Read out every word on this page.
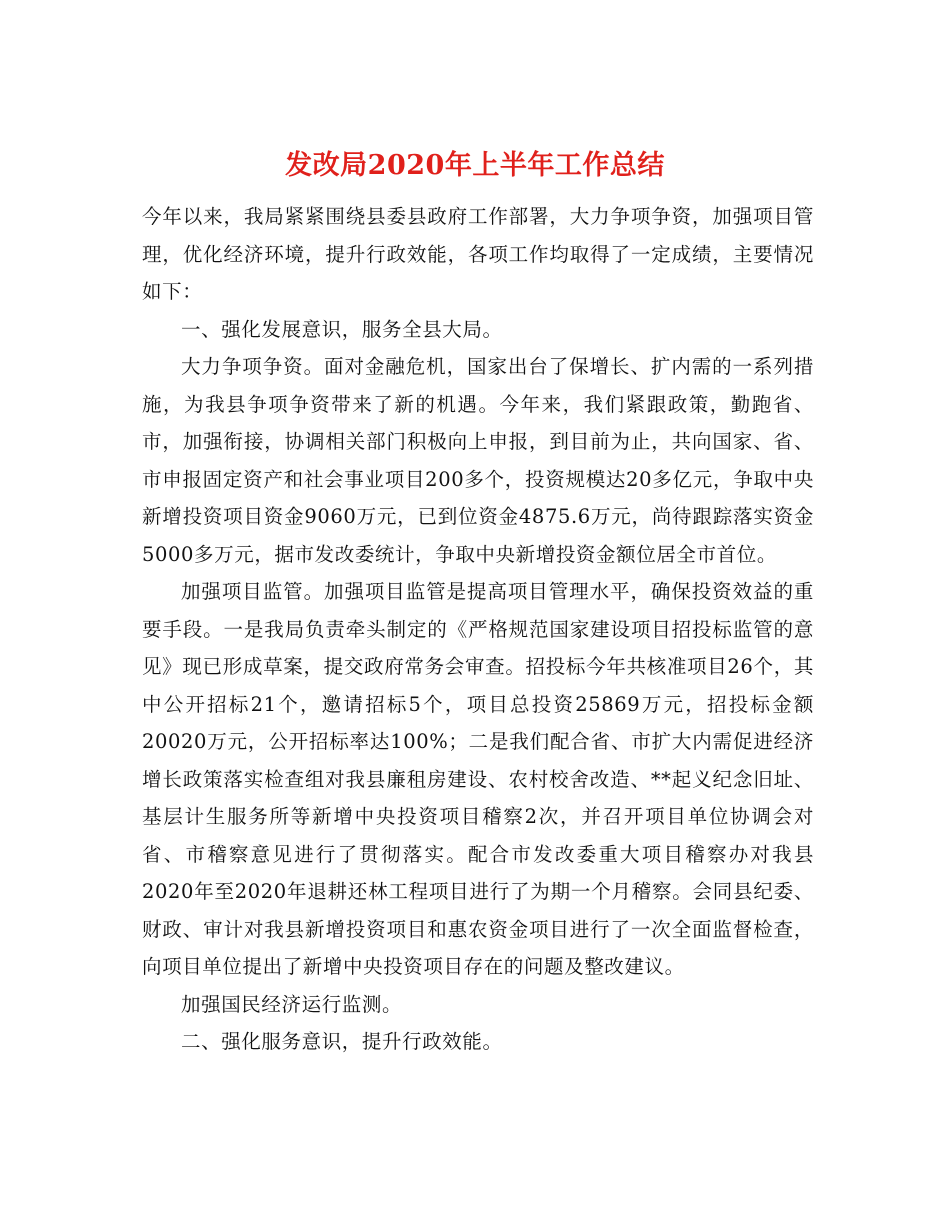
发改局2020年上半年工作总结

今年以来，我局紧紧围绕县委县政府工作部署，大力争项争资，加强项目管理，优化经济环境，提升行政效能，各项工作均取得了一定成绩，主要情况如下：

一、强化发展意识，服务全县大局。

大力争项争资。面对金融危机，国家出台了保增长、扩内需的一系列措施，为我县争项争资带来了新的机遇。今年来，我们紧跟政策，勤跑省、市，加强衔接，协调相关部门积极向上申报，到目前为止，共向国家、省、市申报固定资产和社会事业项目200多个，投资规模达20多亿元，争取中央新增投资项目资金9060万元，已到位资金4875.6万元，尚待跟踪落实资金5000多万元，据市发改委统计，争取中央新增投资金额位居全市首位。

加强项目监管。加强项目监管是提高项目管理水平，确保投资效益的重要手段。一是我局负责牵头制定的《严格规范国家建设项目招投标监管的意见》现已形成草案，提交政府常务会审查。招投标今年共核准项目26个，其中公开招标21个，邀请招标5个，项目总投资25869万元，招投标金额20020万元，公开招标率达100%；二是我们配合省、市扩大内需促进经济增长政策落实检查组对我县廉租房建设、农村校舍改造、**起义纪念旧址、基层计生服务所等新增中央投资项目稽察2次，并召开项目单位协调会对省、市稽察意见进行了贯彻落实。配合市发改委重大项目稽察办对我县2020年至2020年退耕还林工程项目进行了为期一个月稽察。会同县纪委、财政、审计对我县新增投资项目和惠农资金项目进行了一次全面监督检查，向项目单位提出了新增中央投资项目存在的问题及整改建议。

加强国民经济运行监测。

二、强化服务意识，提升行政效能。
